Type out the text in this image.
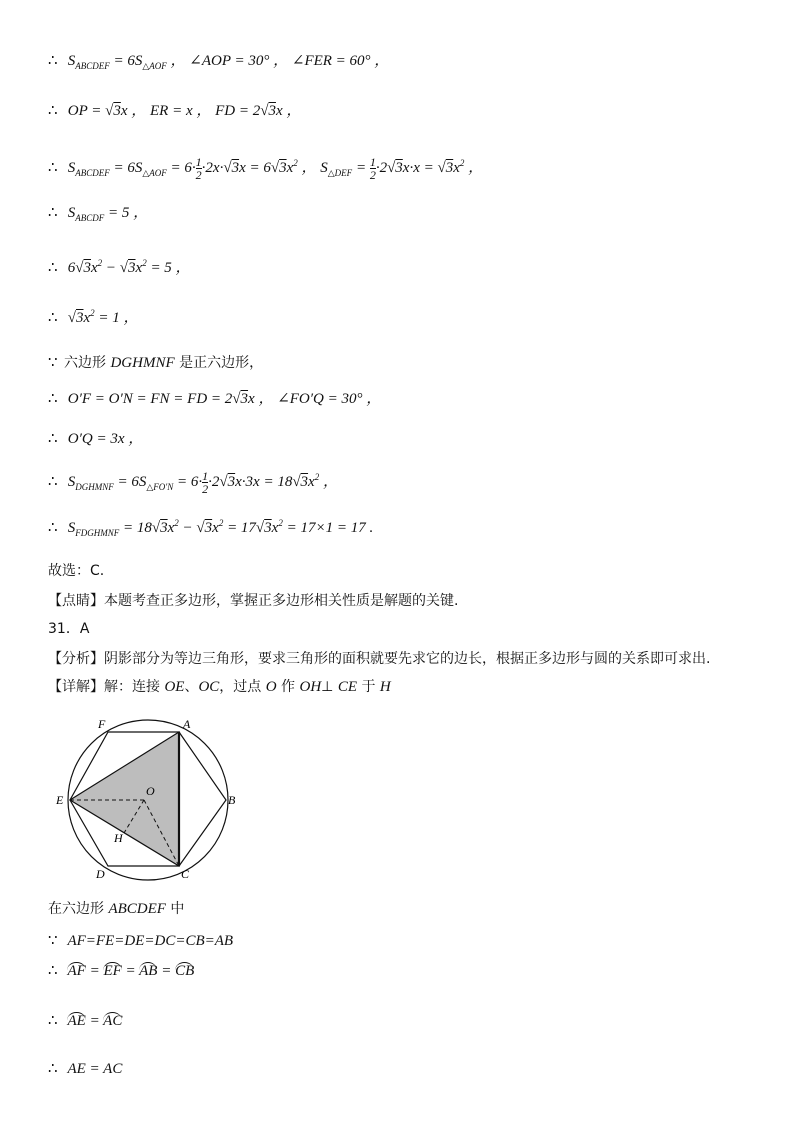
∴ $S_{ABCDEF} = 6S_{\triangle AOF}$ ， ∠AOP = 30° ， ∠FER = 60° ，
∴ OP = √3x ， ER = x ， FD = 2√3x ，
∴ $S_{ABCDEF} = 6S_{\triangle AOF} = 6\cdot \frac{1}{2} \cdot 2x\cdot√3x = 6√3x^2$ ， $S_{\triangle DEF} = \frac{1}{2} \cdot 2√3x\cdot x = √3x^2$ ，
∴ $S_{ABCDF} = 5$ ，
∴ $6√3x^2 - √3x^2 = 5$ ，
∴ $√3x^2 = 1$ ，
∵ 六边形 DGHMNF 是正六边形，
∴ O′F = O′N = FN = FD = 2√3x ， ∠FO′Q = 30° ，
∴ O′Q = 3x ，
∴ $S_{DGHMNF} = 6S_{\triangle FO'N} = 6\cdot \frac{1}{2} \cdot 2√3x\cdot 3x = 18√3x^2$ ，
∴ $S_{FDGHMNF} = 18√3x^2 - √3x^2 = 17√3x^2 = 17\times 1 = 17$ .
故选：C.
【点睛】本题考查正多边形，掌握正多边形相关性质是解题的关键.
31．A
【分析】阴影部分为等边三角形，要求三角形的面积就要先求它的边长，根据正多边形与圆的关系即可求出.
【详解】解：连接 OE、OC，过点 O 作 OH⊥ CE 于 H
A
B
C
D
E
F
O
H
在六边形 ABCDEF 中
∵ AF=FE=DE=DC=CB=AB
∴ AF = EF = AB = CB
∴ AE = AC
∴ AE = AC
